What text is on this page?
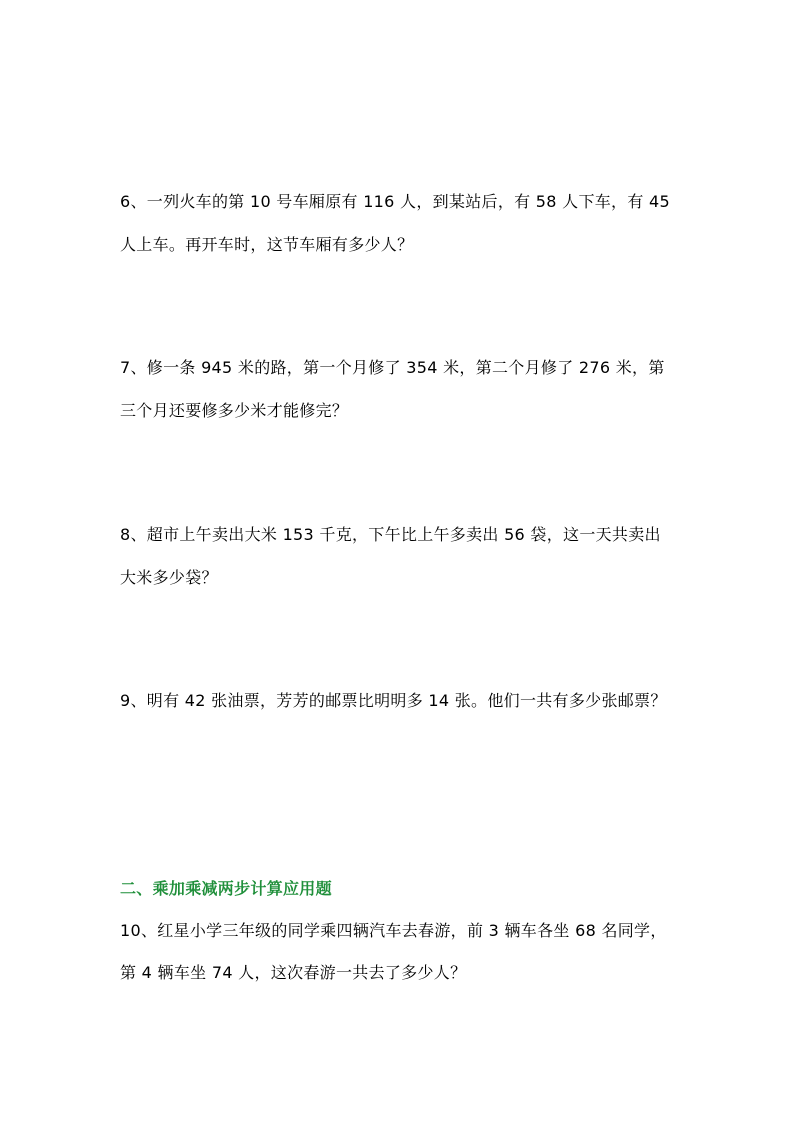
6、一列火车的第 10 号车厢原有 116 人，到某站后，有 58 人下车，有 45
人上车。再开车时，这节车厢有多少人？
7、修一条 945 米的路，第一个月修了 354 米，第二个月修了 276 米，第
三个月还要修多少米才能修完？
8、超市上午卖出大米 153 千克，下午比上午多卖出 56 袋，这一天共卖出
大米多少袋？
9、明有 42 张油票，芳芳的邮票比明明多 14 张。他们一共有多少张邮票？
二、乘加乘减两步计算应用题
10、红星小学三年级的同学乘四辆汽车去春游，前 3 辆车各坐 68 名同学，
第 4 辆车坐 74 人，这次春游一共去了多少人？
